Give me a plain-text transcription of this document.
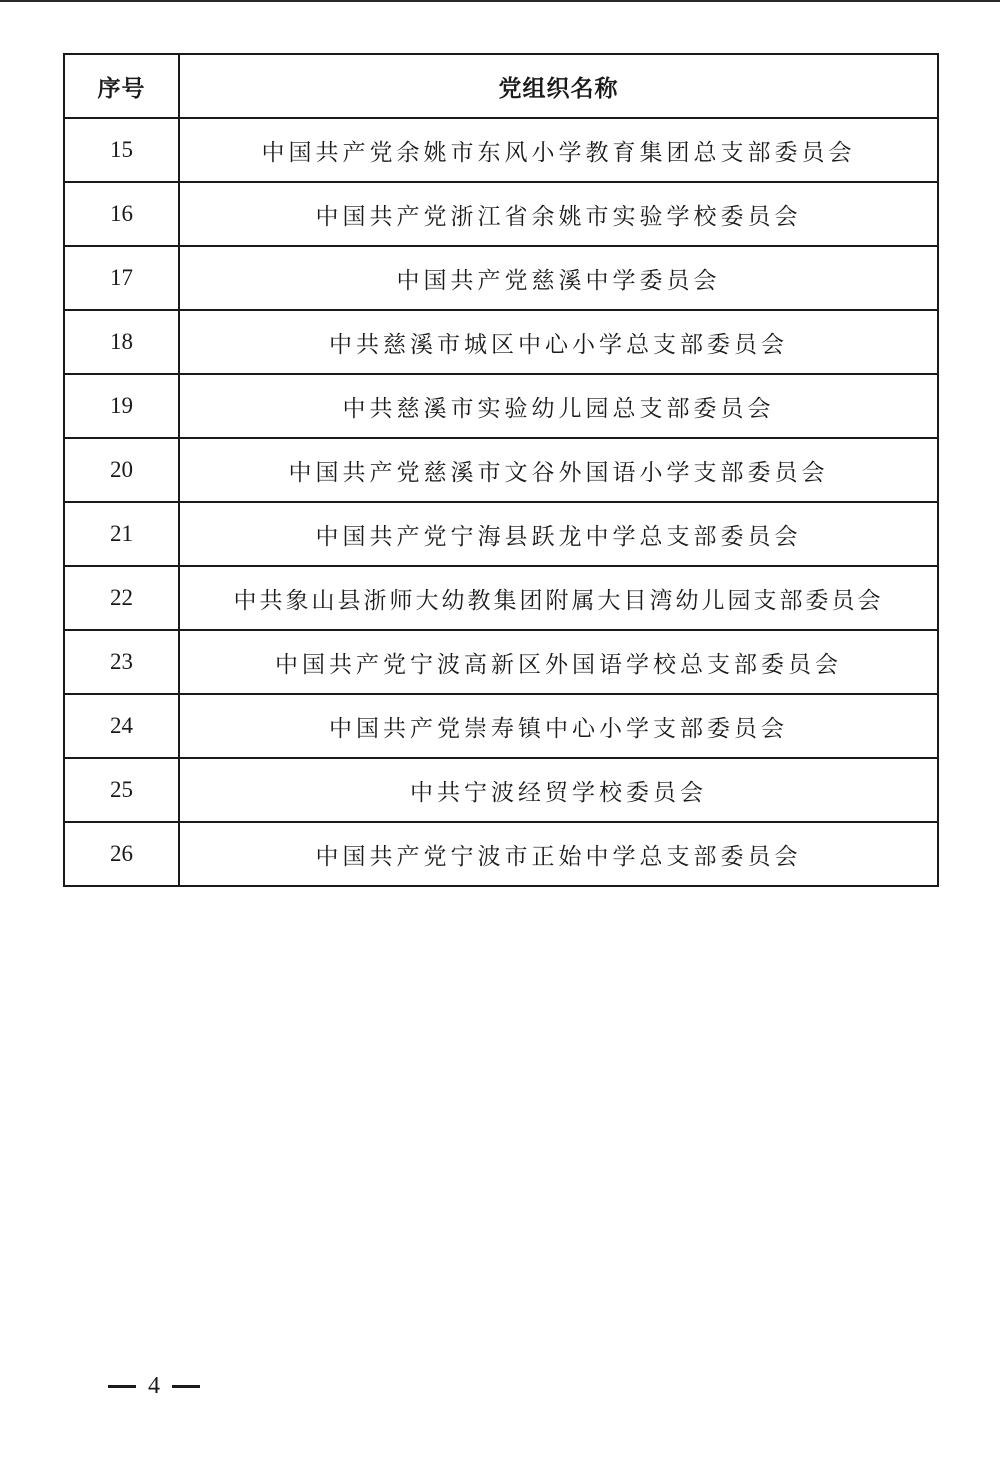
序号	党组织名称
15	中国共产党余姚市东风小学教育集团总支部委员会
16	中国共产党浙江省余姚市实验学校委员会
17	中国共产党慈溪中学委员会
18	中共慈溪市城区中心小学总支部委员会
19	中共慈溪市实验幼儿园总支部委员会
20	中国共产党慈溪市文谷外国语小学支部委员会
21	中国共产党宁海县跃龙中学总支部委员会
22	中共象山县浙师大幼教集团附属大目湾幼儿园支部委员会
23	中国共产党宁波高新区外国语学校总支部委员会
24	中国共产党崇寿镇中心小学支部委员会
25	中共宁波经贸学校委员会
26	中国共产党宁波市正始中学总支部委员会
4
